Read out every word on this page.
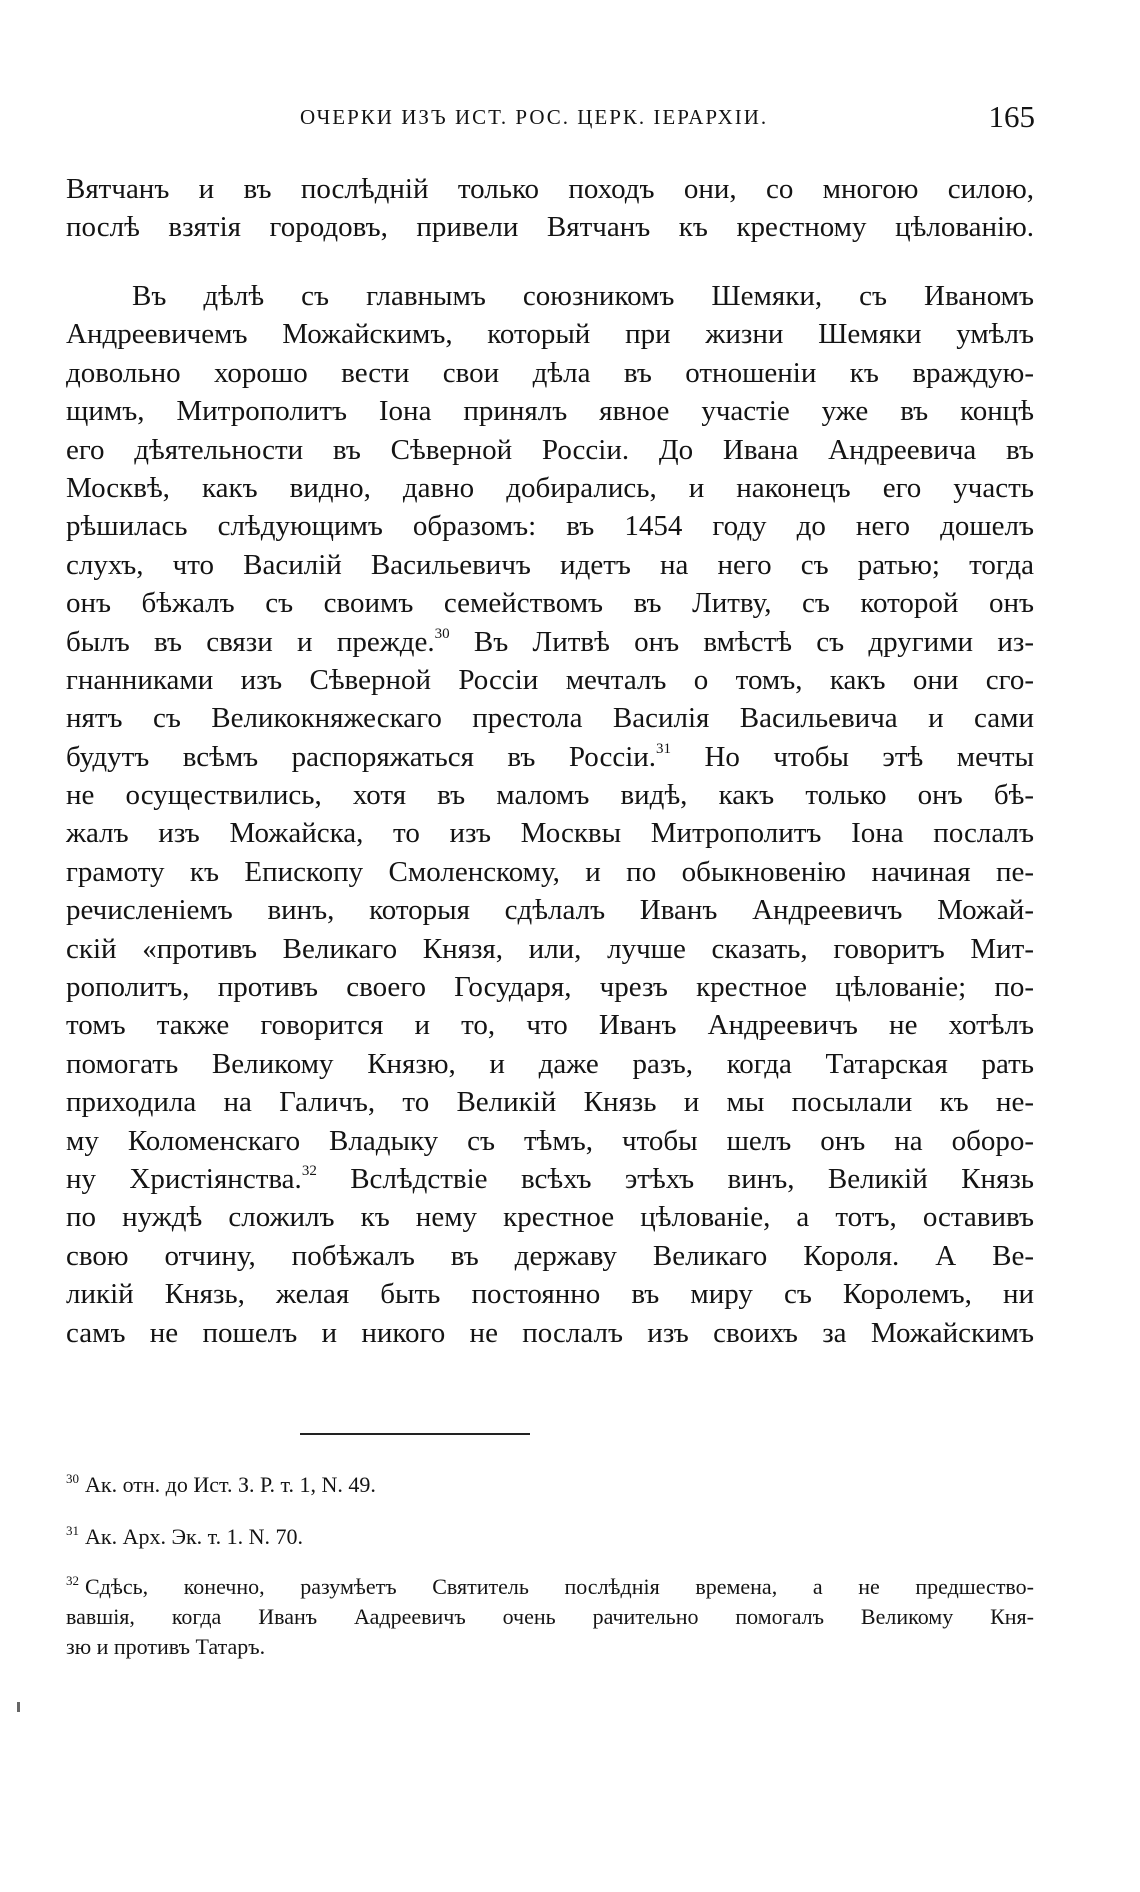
ОЧЕРКИ ИЗЪ ИСТ. РОС. ЦЕРК. ІЕРАРХІИ.	165
Вятчанъ и въ послѣдній только походъ они, со многою силою,
послѣ взятія городовъ, привели Вятчанъ къ крестному цѣлованію.
Въ дѣлѣ съ главнымъ союзникомъ Шемяки, съ Иваномъ
Андреевичемъ Можайскимъ, который при жизни Шемяки умѣлъ
довольно хорошо вести свои дѣла въ отношеніи къ враждую-
щимъ, Митрополитъ Іона принялъ явное участіе уже въ концѣ
его дѣятельности въ Сѣверной Россіи. До Ивана Андреевича въ
Москвѣ, какъ видно, давно добирались, и наконецъ его участь
рѣшилась слѣдующимъ образомъ: въ 1454 году до него дошелъ
слухъ, что Василій Васильевичъ идетъ на него съ ратью; тогда
онъ бѣжалъ съ своимъ семействомъ въ Литву, съ которой онъ
былъ въ связи и прежде.$^{30}$ Въ Литвѣ онъ вмѣстѣ съ другими из-
гнанниками изъ Сѣверной Россіи мечталъ о томъ, какъ они сго-
нятъ съ Великокняжескаго престола Василія Васильевича и сами
будутъ всѣмъ распоряжаться въ Россіи.$^{31}$ Но чтобы этѣ мечты
не осуществились, хотя въ маломъ видѣ, какъ только онъ бѣ-
жалъ изъ Можайска, то изъ Москвы Митрополитъ Іона послалъ
грамоту къ Епископу Смоленскому, и по обыкновенію начиная пе-
речисленіемъ винъ, которыя сдѣлалъ Иванъ Андреевичъ Можай-
скій «противъ Великаго Князя, или, лучше сказать, говоритъ Мит-
рополитъ, противъ своего Государя, чрезъ крестное цѣлованіе; по-
томъ также говорится и то, что Иванъ Андреевичъ не хотѣлъ
помогать Великому Князю, и даже разъ, когда Татарская рать
приходила на Галичъ, то Великій Князь и мы посылали къ не-
му Коломенскаго Владыку съ тѣмъ, чтобы шелъ онъ на оборо-
ну Христіянства.$^{32}$ Вслѣдствіе всѣхъ этѣхъ винъ, Великій Князь
по нуждѣ сложилъ къ нему крестное цѣлованіе, а тотъ, оставивъ
свою отчину, побѣжалъ въ державу Великаго Короля. А Ве-
ликій Князь, желая быть постоянно въ миру съ Королемъ, ни
самъ не пошелъ и никого не послалъ изъ своихъ за Можайскимъ
$^{30}$ Ак. отн. до Ист. З. Р. т. 1, N. 49.
$^{31}$ Ак. Арх. Эк. т. 1. N. 70.
$^{32}$ Сдѣсь, конечно, разумѣетъ Святитель послѣднія времена, а не предшество-
вавшія, когда Иванъ Аадреевичъ очень рачительно помогалъ Великому Кня-
зю и противъ Татаръ.
